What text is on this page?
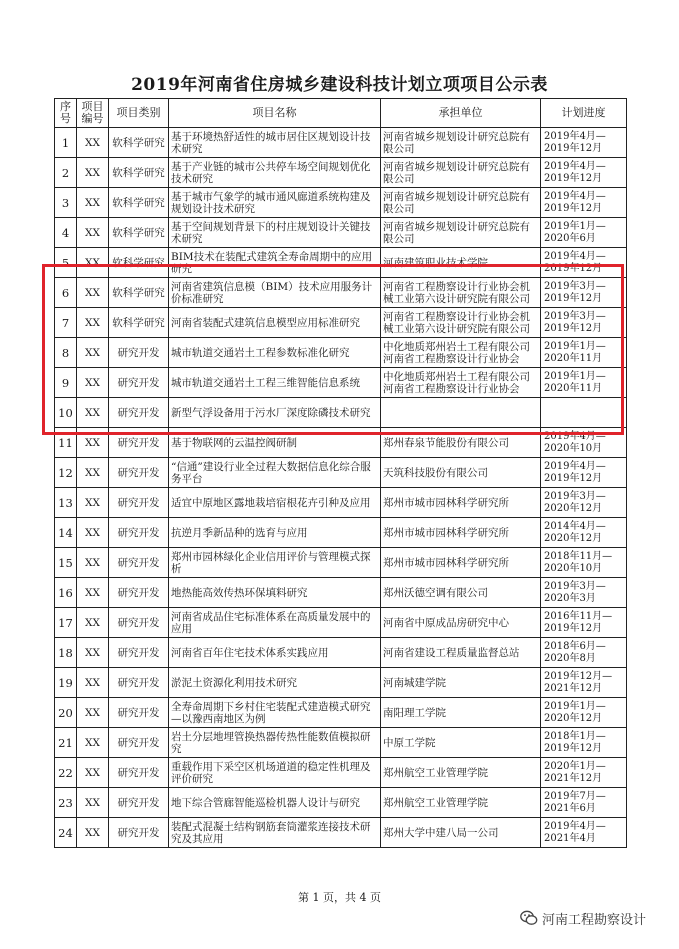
2019年河南省住房城乡建设科技计划立项项目公示表
序号	项目编号	项目类别	项目名称	承担单位	计划进度
1	XX	软科学研究	基于环境热舒适性的城市居住区规划设计技术研究	河南省城乡规划设计研究总院有限公司	2019年4月—2019年12月
2	XX	软科学研究	基于产业链的城市公共停车场空间规划优化技术研究	河南省城乡规划设计研究总院有限公司	2019年4月—2019年12月
3	XX	软科学研究	基于城市气象学的城市通风廊道系统构建及规划设计技术研究	河南省城乡规划设计研究总院有限公司	2019年4月—2019年12月
4	XX	软科学研究	基于空间规划背景下的村庄规划设计关键技术研究	河南省城乡规划设计研究总院有限公司	2019年1月—2020年6月
5	XX	软科学研究	BIM技术在装配式建筑全寿命周期中的应用研究	河南建筑职业技术学院	2019年4月—2019年12月
6	XX	软科学研究	河南省建筑信息模（BIM）技术应用服务计价标准研究	河南省工程勘察设计行业协会机械工业第六设计研究院有限公司	2019年3月—2019年12月
7	XX	软科学研究	河南省装配式建筑信息模型应用标准研究	河南省工程勘察设计行业协会机械工业第六设计研究院有限公司	2019年3月—2019年12月
8	XX	研究开发	城市轨道交通岩土工程参数标准化研究	中化地质郑州岩土工程有限公司河南省工程勘察设计行业协会	2019年1月—2020年11月
9	XX	研究开发	城市轨道交通岩土工程三维智能信息系统	中化地质郑州岩土工程有限公司河南省工程勘察设计行业协会	2019年1月—2020年11月
10	XX	研究开发	新型气浮设备用于污水厂深度除磷技术研究		
11	XX	研究开发	基于物联网的云温控阀研制	郑州春泉节能股份有限公司	2019年4月—2020年10月
12	XX	研究开发	“信通”建设行业全过程大数据信息化综合服务平台	天筑科技股份有限公司	2019年4月—2019年12月
13	XX	研究开发	适宜中原地区露地栽培宿根花卉引种及应用	郑州市城市园林科学研究所	2019年3月—2020年12月
14	XX	研究开发	抗逆月季新品种的选育与应用	郑州市城市园林科学研究所	2014年4月—2020年12月
15	XX	研究开发	郑州市园林绿化企业信用评价与管理模式探析	郑州市城市园林科学研究所	2018年11月—2020年10月
16	XX	研究开发	地热能高效传热环保填料研究	郑州沃德空调有限公司	2019年3月—2020年3月
17	XX	研究开发	河南省成品住宅标准体系在高质量发展中的应用	河南省中原成品房研究中心	2016年11月—2019年12月
18	XX	研究开发	河南省百年住宅技术体系实践应用	河南省建设工程质量监督总站	2018年6月—2020年8月
19	XX	研究开发	淤泥土资源化利用技术研究	河南城建学院	2019年12月—2021年12月
20	XX	研究开发	全寿命周期下乡村住宅装配式建造模式研究—以豫西南地区为例	南阳理工学院	2019年1月—2020年12月
21	XX	研究开发	岩土分层地埋管换热器传热性能数值模拟研究	中原工学院	2018年1月—2019年12月
22	XX	研究开发	重载作用下采空区机场道道的稳定性机理及评价研究	郑州航空工业管理学院	2020年1月—2021年12月
23	XX	研究开发	地下综合管廊智能巡检机器人设计与研究	郑州航空工业管理学院	2019年7月—2021年6月
24	XX	研究开发	装配式混凝土结构钢筋套筒灌浆连接技术研究及其应用	郑州大学中建八局一公司	2019年4月—2021年4月
第 1 页，共 4 页
河南工程勘察设计
